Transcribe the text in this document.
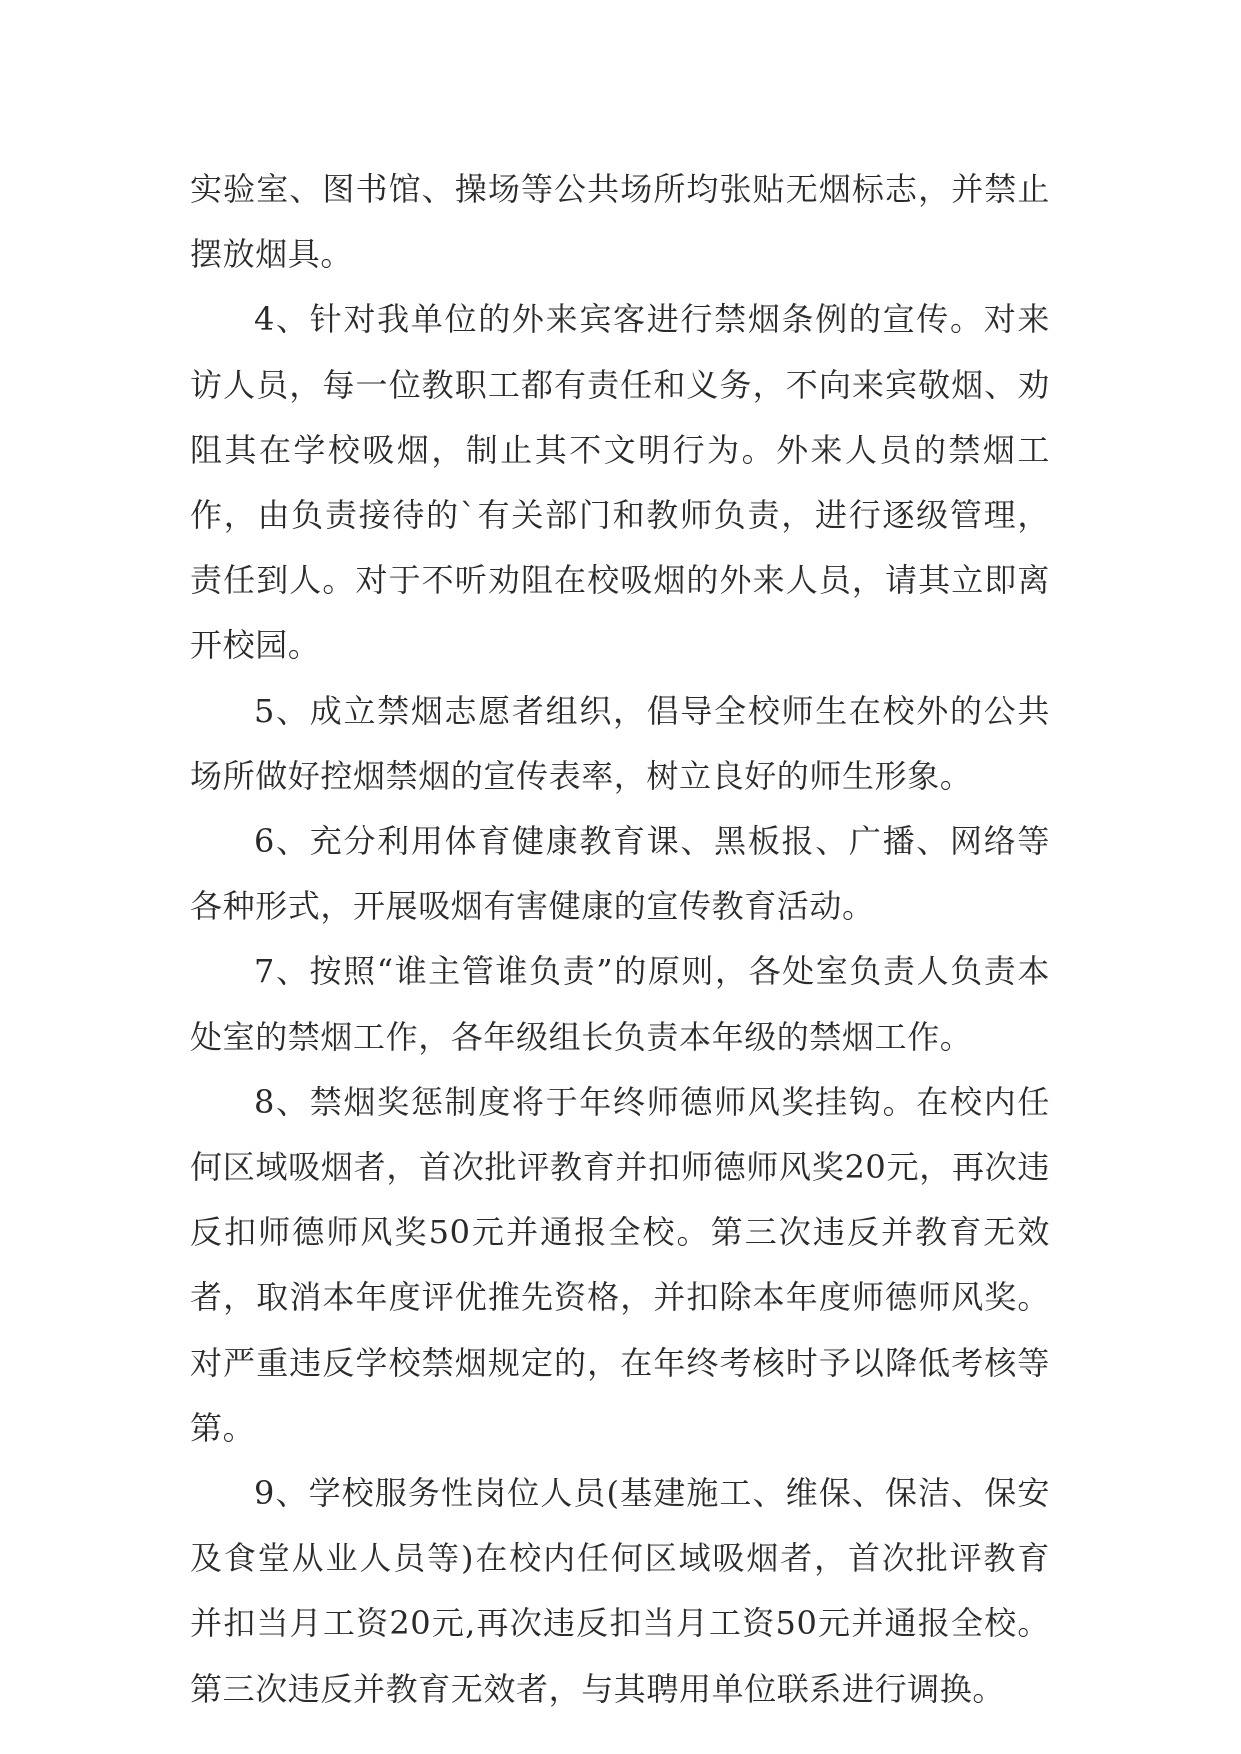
实验室、图书馆、操场等公共场所均张贴无烟标志，并禁止摆放烟具。

4、针对我单位的外来宾客进行禁烟条例的宣传。对来访人员，每一位教职工都有责任和义务，不向来宾敬烟、劝阻其在学校吸烟，制止其不文明行为。外来人员的禁烟工作，由负责接待的`有关部门和教师负责，进行逐级管理，责任到人。对于不听劝阻在校吸烟的外来人员，请其立即离开校园。

5、成立禁烟志愿者组织，倡导全校师生在校外的公共场所做好控烟禁烟的宣传表率，树立良好的师生形象。

6、充分利用体育健康教育课、黑板报、广播、网络等各种形式，开展吸烟有害健康的宣传教育活动。

7、按照“谁主管谁负责”的原则，各处室负责人负责本处室的禁烟工作，各年级组长负责本年级的禁烟工作。

8、禁烟奖惩制度将于年终师德师风奖挂钩。在校内任何区域吸烟者，首次批评教育并扣师德师风奖20元，再次违反扣师德师风奖50元并通报全校。第三次违反并教育无效者，取消本年度评优推先资格，并扣除本年度师德师风奖。对严重违反学校禁烟规定的，在年终考核时予以降低考核等第。

9、学校服务性岗位人员(基建施工、维保、保洁、保安及食堂从业人员等)在校内任何区域吸烟者，首次批评教育并扣当月工资20元,再次违反扣当月工资50元并通报全校。第三次违反并教育无效者，与其聘用单位联系进行调换。
